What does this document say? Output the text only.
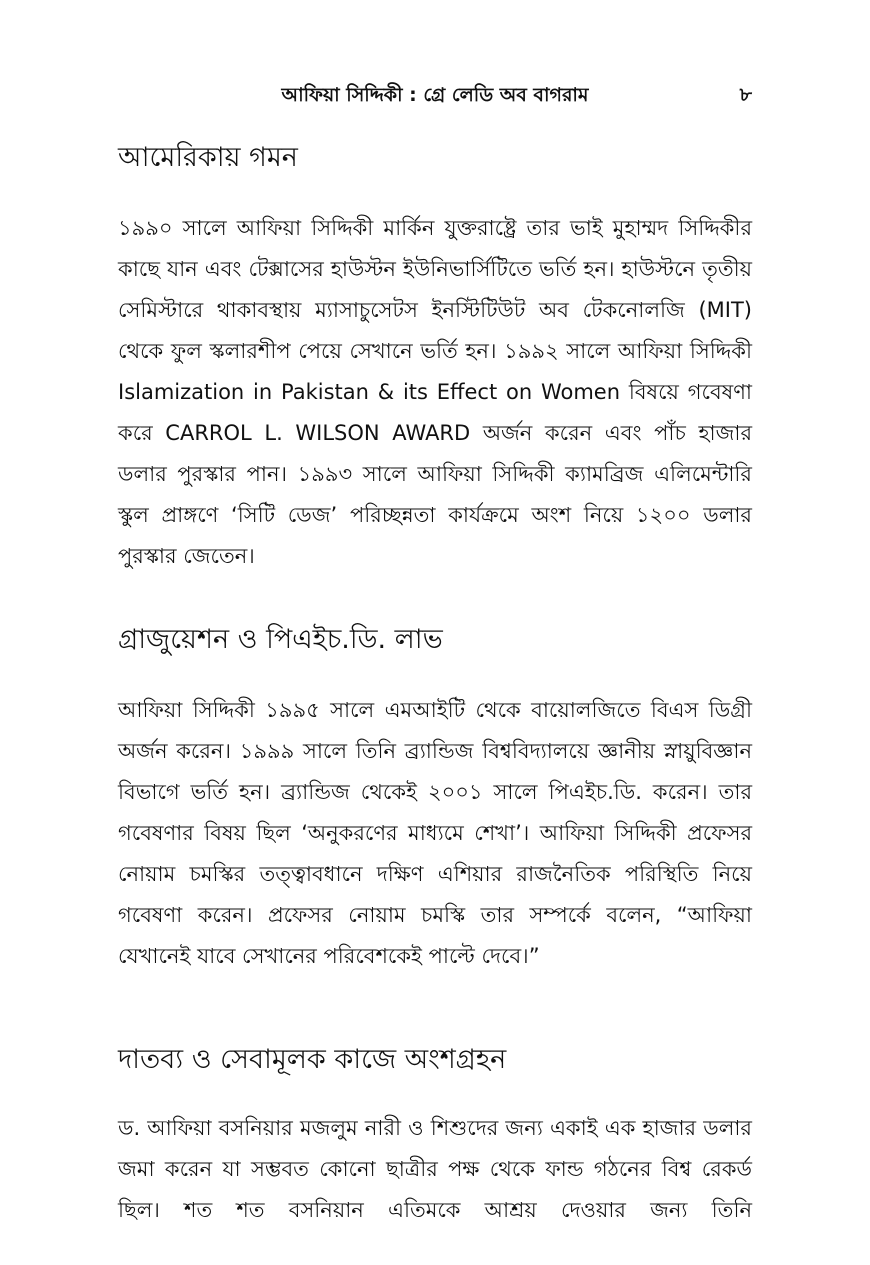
আফিয়া সিদ্দিকী : গ্রে লেডি অব বাগরাম	৮
আমেরিকায় গমন

১৯৯০ সালে আফিয়া সিদ্দিকী মার্কিন যুক্তরাষ্ট্রে তার ভাই মুহাম্মদ সিদ্দিকীর কাছে যান এবং টেক্সাসের হাউস্টন ইউনিভার্সিটিতে ভর্তি হন। হাউস্টনে তৃতীয় সেমিস্টারে থাকাবস্থায় ম্যাসাচুসেটস ইনস্টিটিউট অব টেকনোলজি (MIT) থেকে ফুল স্কলারশীপ পেয়ে সেখানে ভর্তি হন। ১৯৯২ সালে আফিয়া সিদ্দিকী Islamization in Pakistan & its Effect on Women বিষয়ে গবেষণা করে CARROL L. WILSON AWARD অর্জন করেন এবং পাঁচ হাজার ডলার পুরস্কার পান। ১৯৯৩ সালে আফিয়া সিদ্দিকী ক্যামব্রিজ এলিমেন্টারি স্কুল প্রাঙ্গণে ‘সিটি ডেজ’ পরিচ্ছন্নতা কার্যক্রমে অংশ নিয়ে ১২০০ ডলার পুরস্কার জেতেন।

গ্রাজুয়েশন ও পিএইচ.ডি. লাভ

আফিয়া সিদ্দিকী ১৯৯৫ সালে এমআইটি থেকে বায়োলজিতে বিএস ডিগ্রী অর্জন করেন। ১৯৯৯ সালে তিনি ব্র্যান্ডিজ বিশ্ববিদ্যালয়ে জ্ঞানীয় স্নায়ুবিজ্ঞান বিভাগে ভর্তি হন। ব্র্যান্ডিজ থেকেই ২০০১ সালে পিএইচ.ডি. করেন। তার গবেষণার বিষয় ছিল ‘অনুকরণের মাধ্যমে শেখা’। আফিয়া সিদ্দিকী প্রফেসর নোয়াম চমস্কির তত্ত্বাবধানে দক্ষিণ এশিয়ার রাজনৈতিক পরিস্থিতি নিয়ে গবেষণা করেন। প্রফেসর নোয়াম চমস্কি তার সম্পর্কে বলেন, “আফিয়া যেখানেই যাবে সেখানের পরিবেশকেই পাল্টে দেবে।”

দাতব্য ও সেবামূলক কাজে অংশগ্রহন

ড. আফিয়া বসনিয়ার মজলুম নারী ও শিশুদের জন্য একাই এক হাজার ডলার জমা করেন যা সম্ভবত কোনো ছাত্রীর পক্ষ থেকে ফান্ড গঠনের বিশ্ব রেকর্ড ছিল। শত শত বসনিয়ান এতিমকে আশ্রয় দেওয়ার জন্য তিনি
